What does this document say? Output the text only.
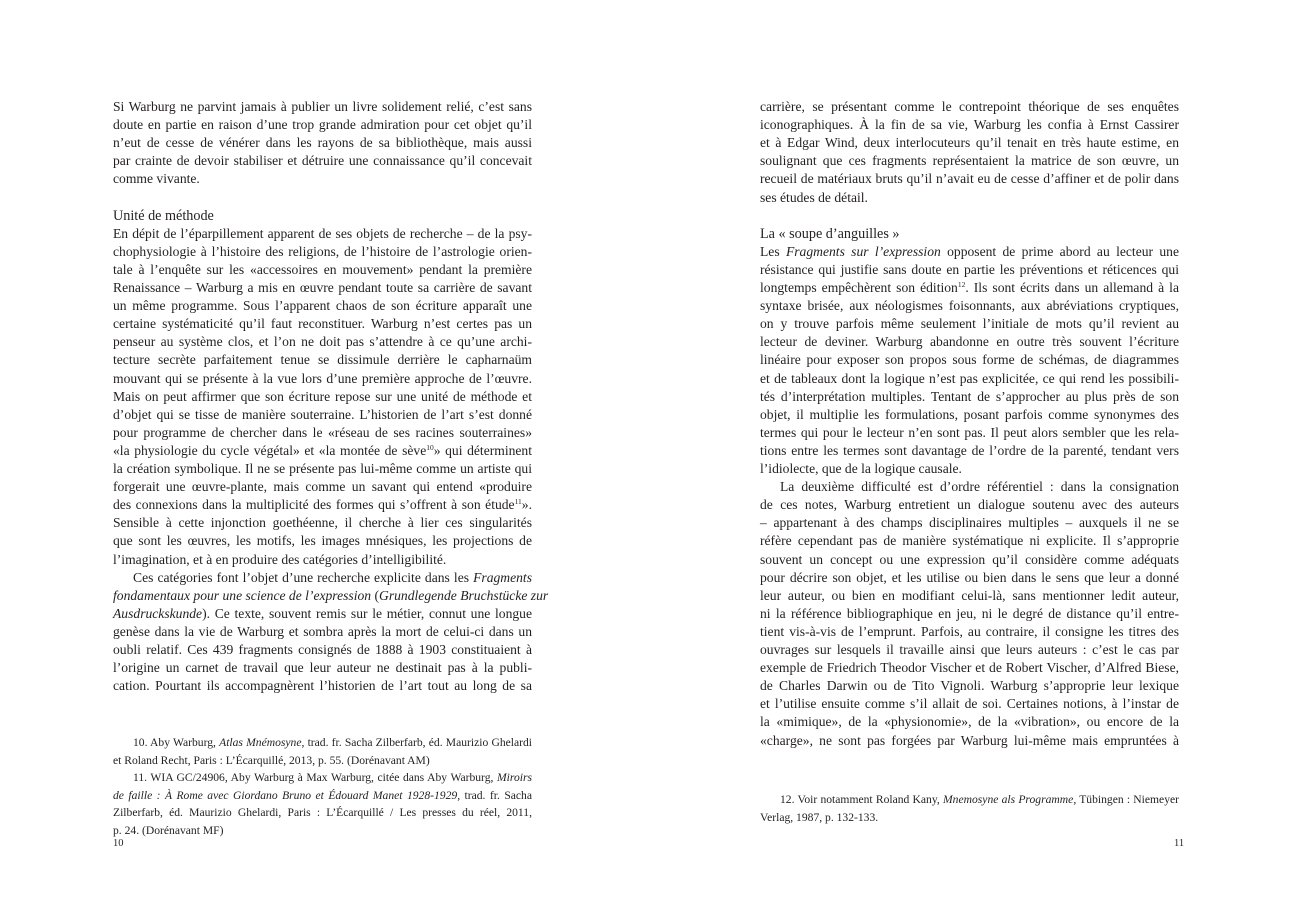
Si Warburg ne parvint jamais à publier un livre solidement relié, c’est sans
doute en partie en raison d’une trop grande admiration pour cet objet qu’il
n’eut de cesse de vénérer dans les rayons de sa bibliothèque, mais aussi
par crainte de devoir stabiliser et détruire une connaissance qu’il concevait
comme vivante.
Unité de méthode
En dépit de l’éparpillement apparent de ses objets de recherche – de la psy-
chophysiologie à l’histoire des religions, de l’histoire de l’astrologie orien-
tale à l’enquête sur les «accessoires en mouvement» pendant la première
Renaissance – Warburg a mis en œuvre pendant toute sa carrière de savant
un même programme. Sous l’apparent chaos de son écriture apparaît une
certaine systématicité qu’il faut reconstituer. Warburg n’est certes pas un
penseur au système clos, et l’on ne doit pas s’attendre à ce qu’une archi-
tecture secrète parfaitement tenue se dissimule derrière le capharnaüm
mouvant qui se présente à la vue lors d’une première approche de l’œuvre.
Mais on peut affirmer que son écriture repose sur une unité de méthode et
d’objet qui se tisse de manière souterraine. L’historien de l’art s’est donné
pour programme de chercher dans le «réseau de ses racines souterraines»
«la physiologie du cycle végétal» et «la montée de sève$^{10}$» qui déterminent
la création symbolique. Il ne se présente pas lui-même comme un artiste qui
forgerait une œuvre-plante, mais comme un savant qui entend «produire
des connexions dans la multiplicité des formes qui s’offrent à son étude$^{11}$».
Sensible à cette injonction goethéenne, il cherche à lier ces singularités
que sont les œuvres, les motifs, les images mnésiques, les projections de
l’imagination, et à en produire des catégories d’intelligibilité.
Ces catégories font l’objet d’une recherche explicite dans les Fragments
fondamentaux pour une science de l’expression (Grundlegende Bruchstücke zur
Ausdruckskunde). Ce texte, souvent remis sur le métier, connut une longue
genèse dans la vie de Warburg et sombra après la mort de celui-ci dans un
oubli relatif. Ces 439 fragments consignés de 1888 à 1903 constituaient à
l’origine un carnet de travail que leur auteur ne destinait pas à la publi-
cation. Pourtant ils accompagnèrent l’historien de l’art tout au long de sa
10. Aby Warburg, Atlas Mnémosyne, trad. fr. Sacha Zilberfarb, éd. Maurizio Ghelardi
et Roland Recht, Paris : L’Écarquillé, 2013, p. 55. (Dorénavant AM)
11. WIA GC/24906, Aby Warburg à Max Warburg, citée dans Aby Warburg, Miroirs
de faille : À Rome avec Giordano Bruno et Édouard Manet 1928-1929, trad. fr. Sacha
Zilberfarb, éd. Maurizio Ghelardi, Paris : L’Écarquillé / Les presses du réel, 2011,
p. 24. (Dorénavant MF)
10
carrière, se présentant comme le contrepoint théorique de ses enquêtes
iconographiques. À la fin de sa vie, Warburg les confia à Ernst Cassirer
et à Edgar Wind, deux interlocuteurs qu’il tenait en très haute estime, en
soulignant que ces fragments représentaient la matrice de son œuvre, un
recueil de matériaux bruts qu’il n’avait eu de cesse d’affiner et de polir dans
ses études de détail.
La « soupe d’anguilles »
Les Fragments sur l’expression opposent de prime abord au lecteur une
résistance qui justifie sans doute en partie les préventions et réticences qui
longtemps empêchèrent son édition$^{12}$. Ils sont écrits dans un allemand à la
syntaxe brisée, aux néologismes foisonnants, aux abréviations cryptiques,
on y trouve parfois même seulement l’initiale de mots qu’il revient au
lecteur de deviner. Warburg abandonne en outre très souvent l’écriture
linéaire pour exposer son propos sous forme de schémas, de diagrammes
et de tableaux dont la logique n’est pas explicitée, ce qui rend les possibili-
tés d’interprétation multiples. Tentant de s’approcher au plus près de son
objet, il multiplie les formulations, posant parfois comme synonymes des
termes qui pour le lecteur n’en sont pas. Il peut alors sembler que les rela-
tions entre les termes sont davantage de l’ordre de la parenté, tendant vers
l’idiolecte, que de la logique causale.
La deuxième difficulté est d’ordre référentiel : dans la consignation
de ces notes, Warburg entretient un dialogue soutenu avec des auteurs
– appartenant à des champs disciplinaires multiples – auxquels il ne se
réfère cependant pas de manière systématique ni explicite. Il s’approprie
souvent un concept ou une expression qu’il considère comme adéquats
pour décrire son objet, et les utilise ou bien dans le sens que leur a donné
leur auteur, ou bien en modifiant celui-là, sans mentionner ledit auteur,
ni la référence bibliographique en jeu, ni le degré de distance qu’il entre-
tient vis-à-vis de l’emprunt. Parfois, au contraire, il consigne les titres des
ouvrages sur lesquels il travaille ainsi que leurs auteurs : c’est le cas par
exemple de Friedrich Theodor Vischer et de Robert Vischer, d’Alfred Biese,
de Charles Darwin ou de Tito Vignoli. Warburg s’approprie leur lexique
et l’utilise ensuite comme s’il allait de soi. Certaines notions, à l’instar de
la «mimique», de la «physionomie», de la «vibration», ou encore de la
«charge», ne sont pas forgées par Warburg lui-même mais empruntées à
12. Voir notamment Roland Kany, Mnemosyne als Programme, Tübingen : Niemeyer
Verlag, 1987, p. 132-133.
11
